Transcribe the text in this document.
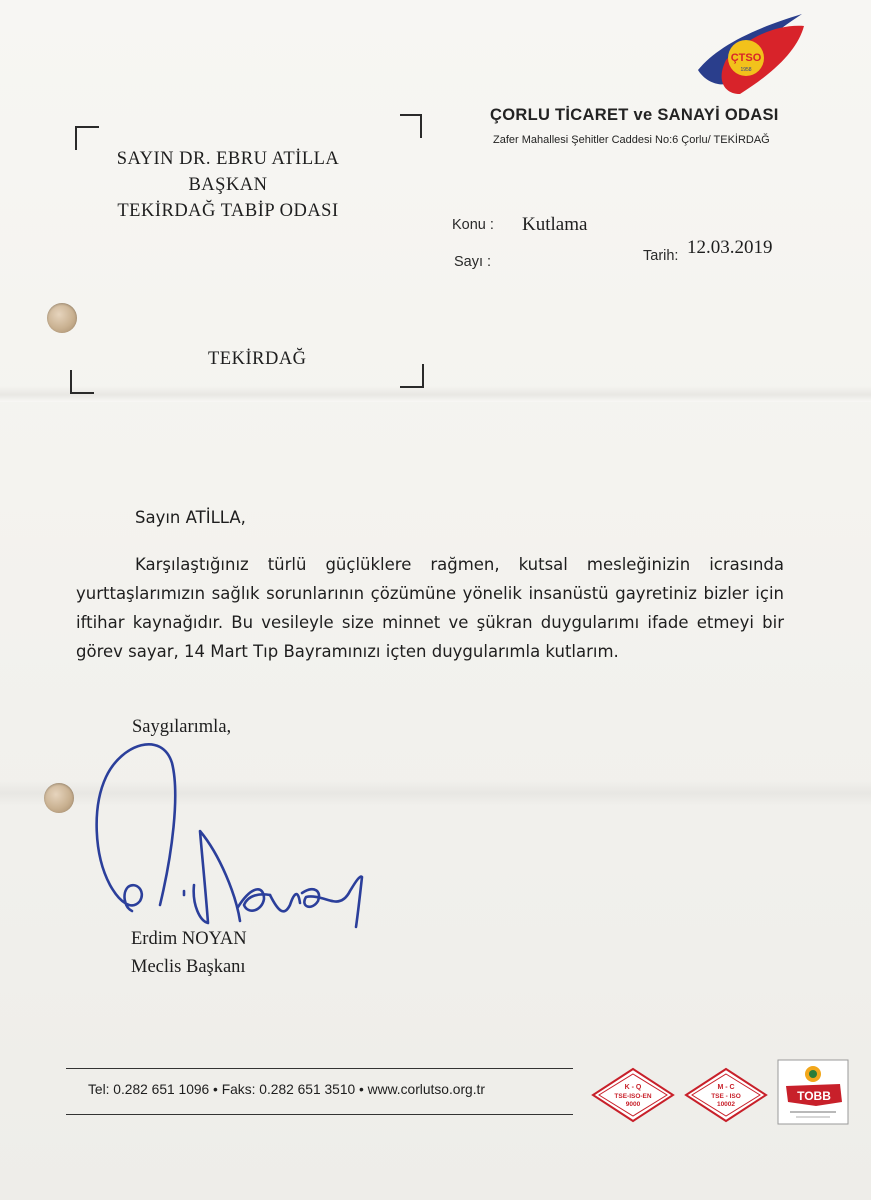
SAYIN DR. EBRU ATİLLA
BAŞKAN
TEKİRDAĞ TABİP ODASI
TEKİRDAĞ
ÇTSO
1958
ÇORLU TİCARET ve SANAYİ ODASI
Zafer Mahallesi Şehitler Caddesi No:6 Çorlu/ TEKİRDAĞ
Konu : Kutlama
Sayı :	Tarih: 12.03.2019
Sayın ATİLLA,
Karşılaştığınız türlü güçlüklere rağmen, kutsal mesleğinizin icrasında yurttaşlarımızın sağlık sorunlarının çözümüne yönelik insanüstü gayretiniz bizler için iftihar kaynağıdır. Bu vesileyle size minnet ve şükran duygularımı ifade etmeyi bir görev sayar, 14 Mart Tıp Bayramınızı içten duygularımla kutlarım.
Saygılarımla,
Erdim NOYAN
Meclis Başkanı
Tel: 0.282 651 1096 • Faks: 0.282 651 3510 • www.corlutso.org.tr	K - Q
TSE-ISO-EN
9000
M - C
TSE - ISO
10002
TOBB
